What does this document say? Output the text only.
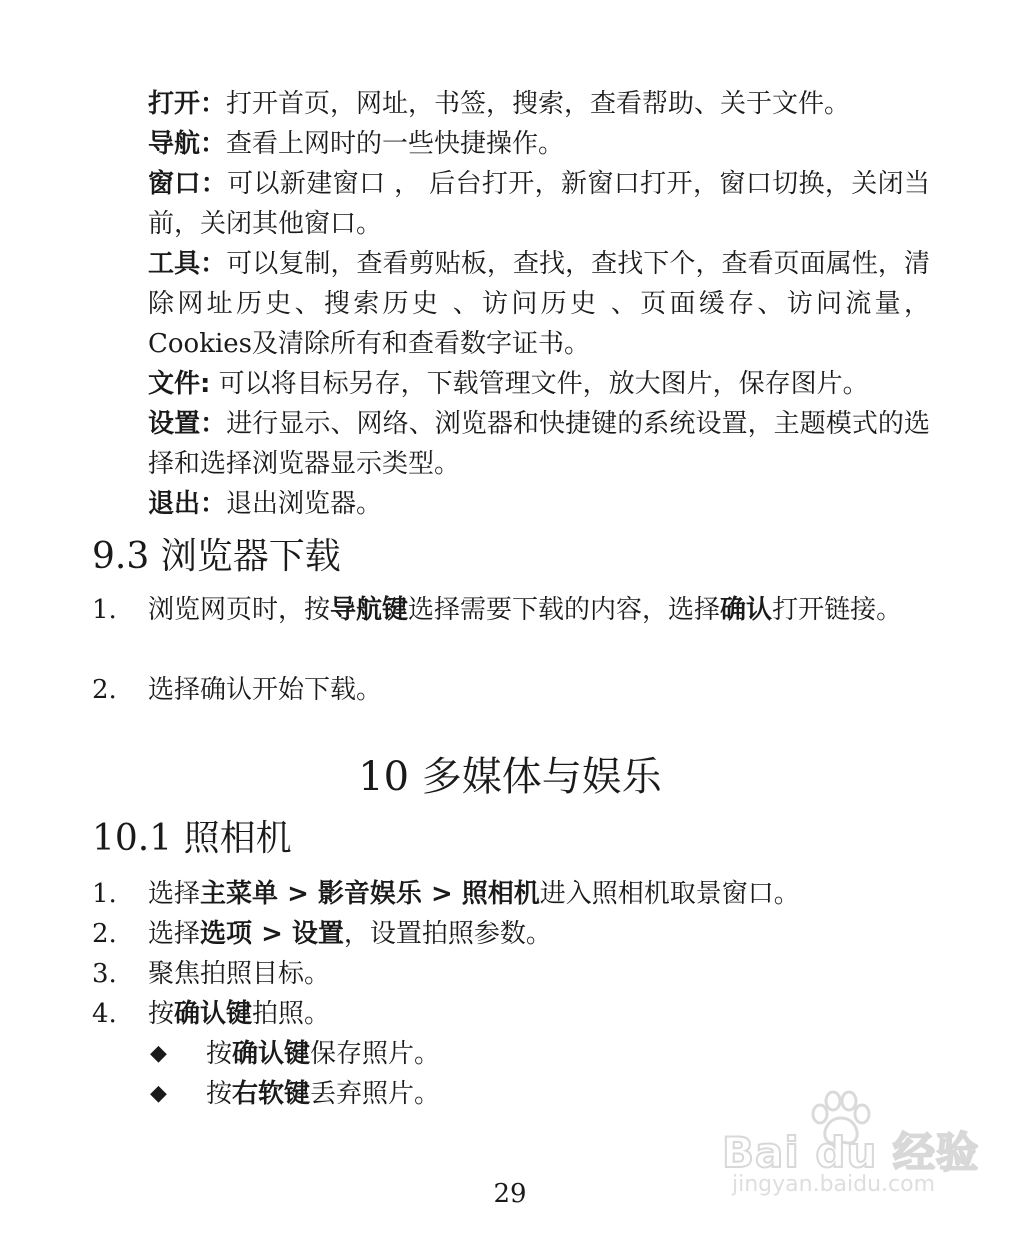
打开：打开首页，网址，书签，搜索，查看帮助、关于文件。
导航：查看上网时的一些快捷操作。
窗口：可以新建窗口 ， 后台打开，新窗口打开，窗口切换，关闭当前，关闭其他窗口。
工具：可以复制，查看剪贴板，查找，查找下个，查看页面属性，清除网址历史、搜索历史 、访问历史 、页面缓存、访问流量，Cookies及清除所有和查看数字证书。
文件: 可以将目标另存，下载管理文件，放大图片，保存图片。
设置：进行显示、网络、浏览器和快捷键的系统设置，主题模式的选择和选择浏览器显示类型。
退出：退出浏览器。
9.3 浏览器下载
1.	浏览网页时，按导航键选择需要下载的内容，选择确认打开链接。
2.	选择确认开始下载。
10 多媒体与娱乐
10.1 照相机
1.	选择主菜单 > 影音娱乐 > 照相机进入照相机取景窗口。
2.	选择选项 > 设置，设置拍照参数。
3.	聚焦拍照目标。
4.	按确认键拍照。
◆ 按确认键保存照片。
◆ 按右软键丢弃照片。
29
Bai du 经验
jingyan.baidu.com
